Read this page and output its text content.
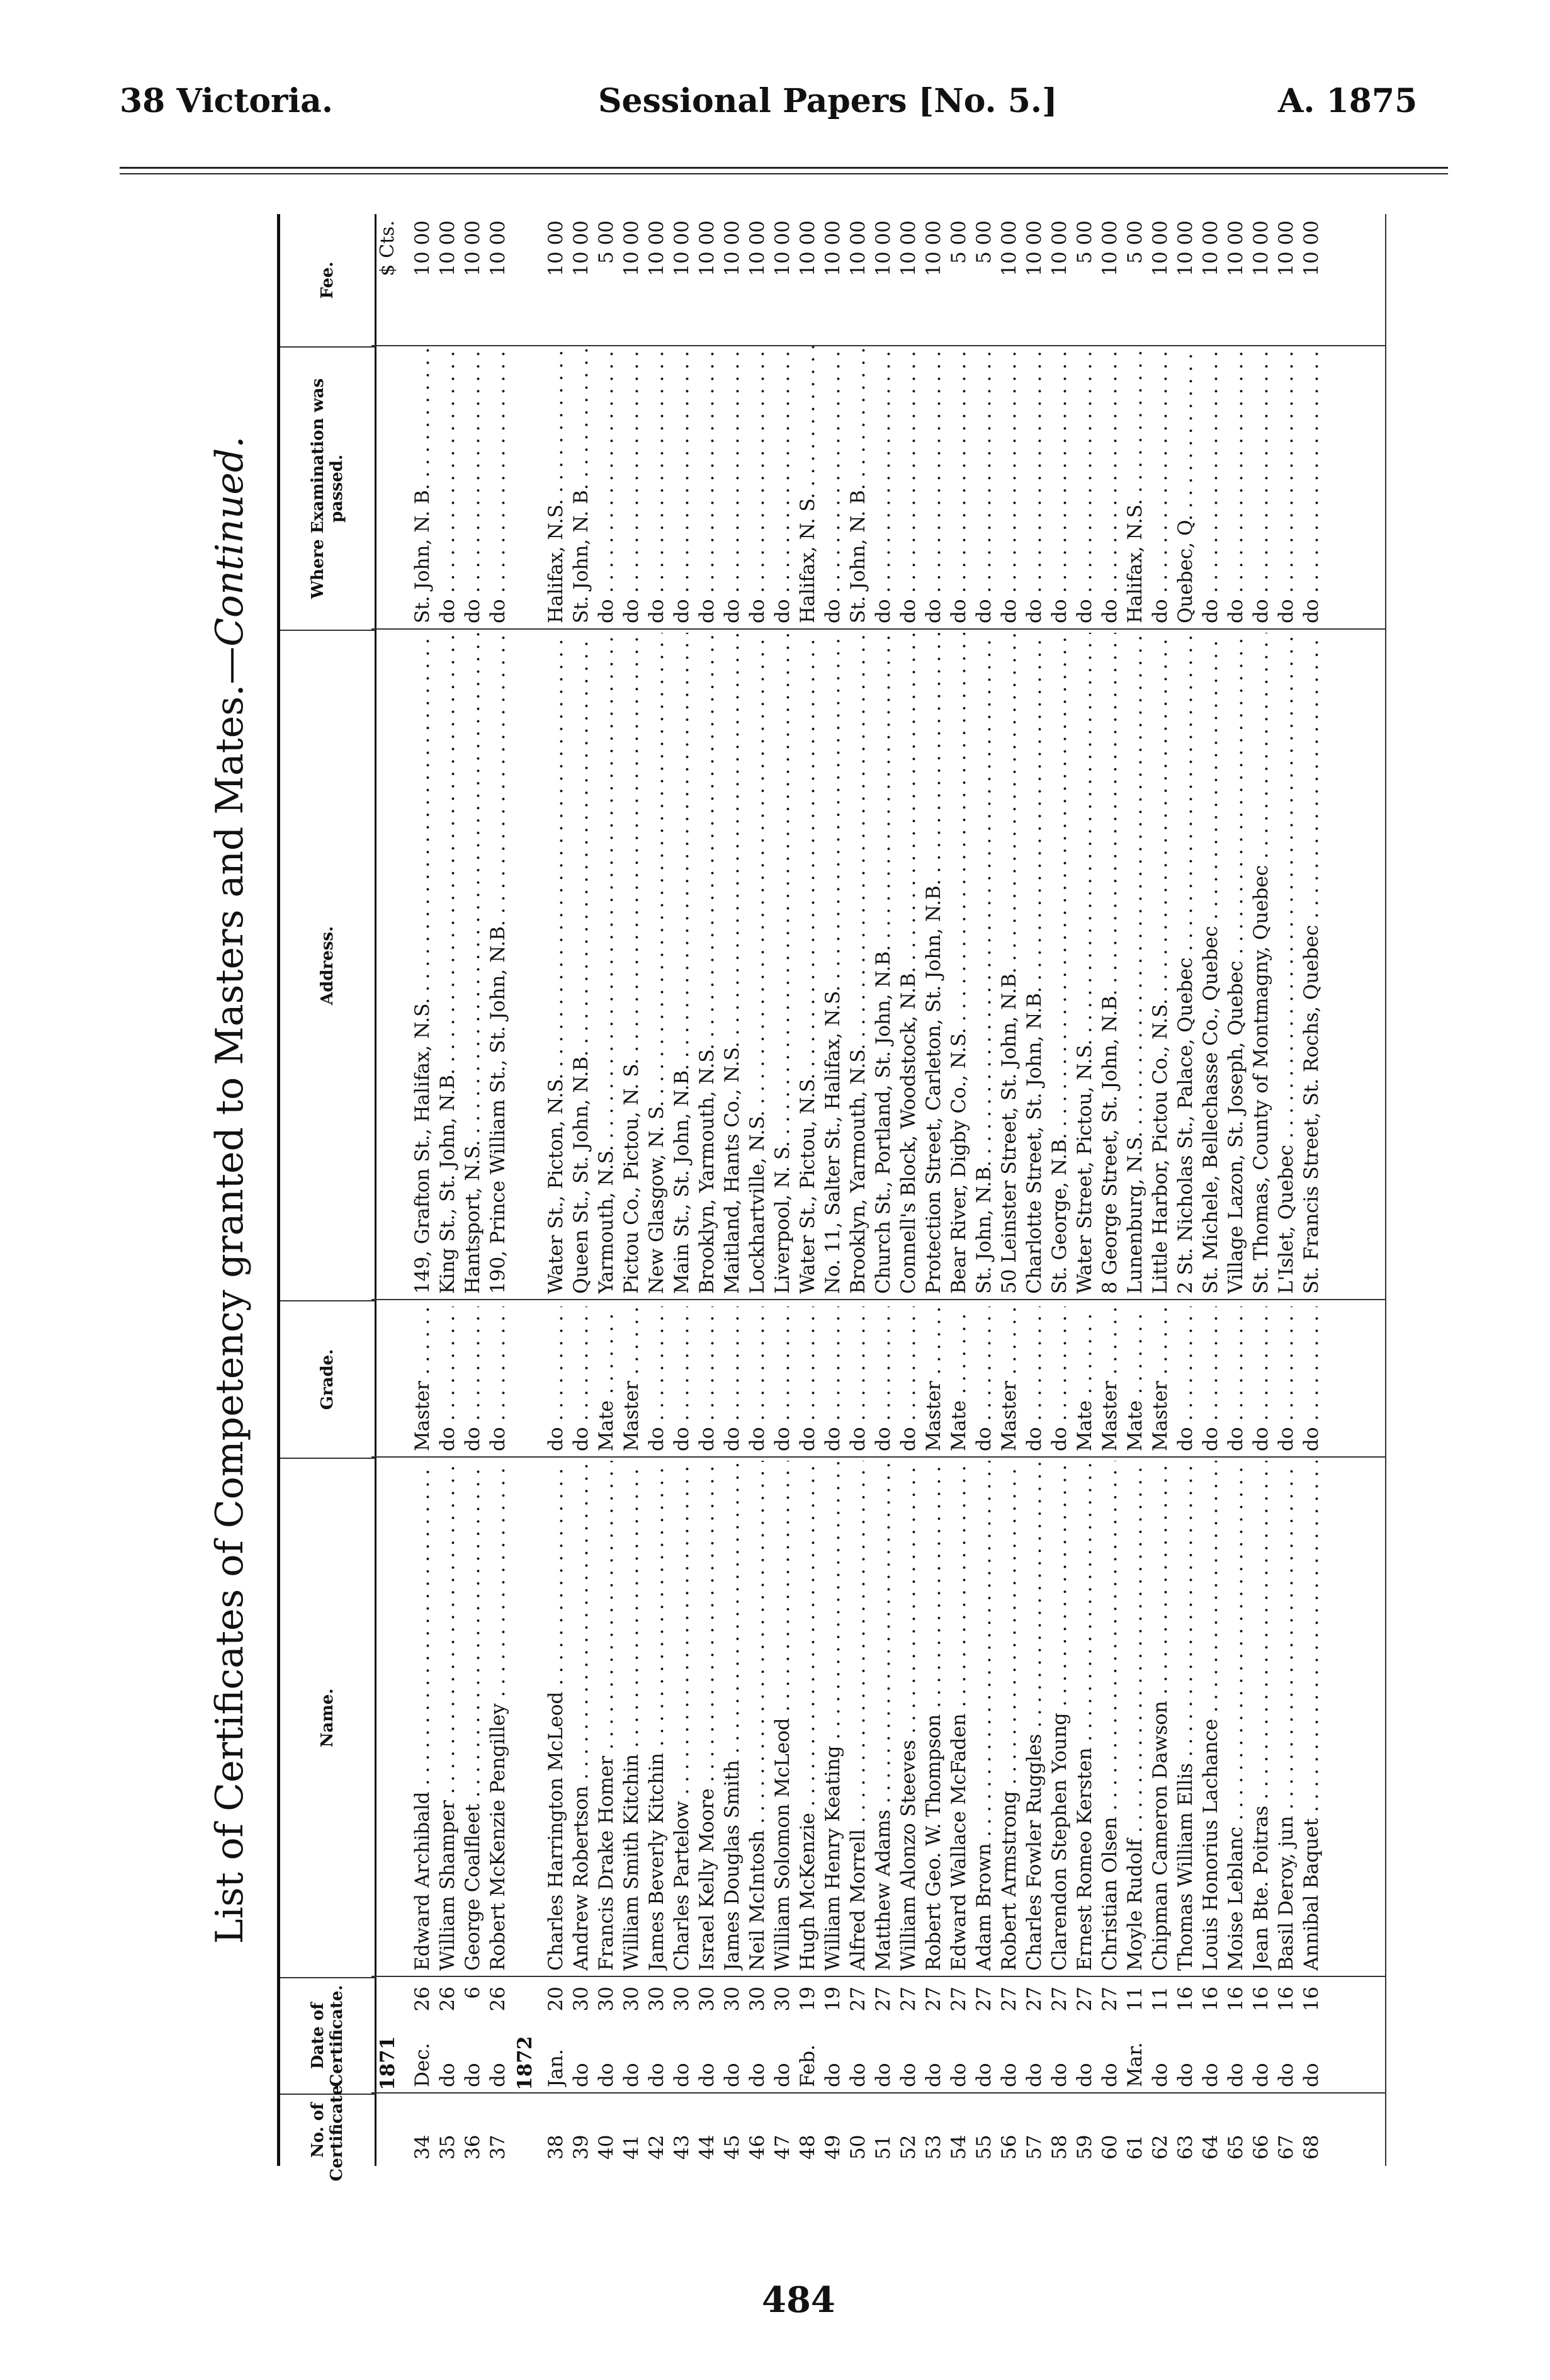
38 Victoria.	Sessional Papers [No. 5.]	A. 1875
List of Certificates of Competency granted to Masters and Mates.—Continued.
No. of Certificate.
Date of Certificate.
Name.
Grade.
Address.
Where Examination was passed.
Fee.
1871
$ Cts.
34
Dec.
26
Edward Archibald . . .
Master . . .
149, Grafton St., Halifax, N.S. . . .
St. John, N. B. . . .
10 00
35
do
26
William Shamper . . .
do . . .
King St., St. John, N.B. . . .
do . . .
10 00
36
do
6
George Coalfleet . . .
do . . .
Hantsport, N.S. . . .
do . . .
10 00
37
do
26
Robert McKenzie Pengilley . . .
do . . .
190, Prince William St., St. John, N.B. . . .
do . . .
10 00
1872
38
Jan.
20
Charles Harrington McLeod . . .
do . . .
Water St., Picton, N.S. . . .
Halifax, N.S. . . .
10 00
39
do
30
Andrew Robertson . . .
do . . .
Queen St., St. John, N.B. . . .
St. John, N. B. . . .
10 00
40
do
30
Francis Drake Homer . . .
Mate . . .
Yarmouth, N.S. . . .
do . . .
5 00
41
do
30
William Smith Kitchin . . .
Master . . .
Pictou Co., Pictou, N. S. . . .
do . . .
10 00
42
do
30
James Beverly Kitchin . . .
do . . .
New Glasgow, N. S. . . .
do . . .
10 00
43
do
30
Charles Partelow . . .
do . . .
Main St., St. John, N.B. . . .
do . . .
10 00
44
do
30
Israel Kelly Moore . . .
do . . .
Brooklyn, Yarmouth, N.S. . . .
do . . .
10 00
45
do
30
James Douglas Smith . . .
do . . .
Maitland, Hants Co., N.S. . . .
do . . .
10 00
46
do
30
Neil McIntosh . . .
do . . .
Lockhartville, N.S. . . .
do . . .
10 00
47
do
30
William Solomon McLeod . . .
do . . .
Liverpool, N. S. . . .
do . . .
10 00
48
Feb.
19
Hugh McKenzie . . .
do . . .
Water St., Pictou, N.S. . . .
Halifax, N. S. . . .
10 00
49
do
19
William Henry Keating . . .
do . . .
No. 11, Salter St., Halifax, N.S. . . .
do . . .
10 00
50
do
27
Alfred Morrell . . .
do . . .
Brooklyn, Yarmouth, N.S. . . .
St. John, N. B. . . .
10 00
51
do
27
Matthew Adams . . .
do . . .
Church St., Portland, St. John, N.B. . . .
do . . .
10 00
52
do
27
William Alonzo Steeves . . .
do . . .
Connell's Block, Woodstock, N.B. . . .
do . . .
10 00
53
do
27
Robert Geo. W. Thompson . . .
Master . . .
Protection Street, Carleton, St. John, N.B. . . .
do . . .
10 00
54
do
27
Edward Wallace McFaden . . .
Mate . . .
Bear River, Digby Co., N.S. . . .
do . . .
5 00
55
do
27
Adam Brown . . .
do . . .
St. John, N.B. . . .
do . . .
5 00
56
do
27
Robert Armstrong . . .
Master . . .
50 Leinster Street, St. John, N.B. . . .
do . . .
10 00
57
do
27
Charles Fowler Ruggles . . .
do . . .
Charlotte Street, St. John, N.B. . . .
do . . .
10 00
58
do
27
Clarendon Stephen Young . . .
do . . .
St. George, N.B. . . .
do . . .
10 00
59
do
27
Ernest Romeo Kersten . . .
Mate . . .
Water Street, Pictou, N.S. . . .
do . . .
5 00
60
do
27
Christian Olsen . . .
Master . . .
8 George Street, St. John, N.B. . . .
do . . .
10 00
61
Mar.
11
Moyle Rudolf . . .
Mate . . .
Lunenburg, N.S. . . .
Halifax, N.S. . . .
5 00
62
do
11
Chipman Cameron Dawson . . .
Master . . .
Little Harbor, Pictou Co., N.S. . . .
do . . .
10 00
63
do
16
Thomas William Ellis . . .
do . . .
2 St. Nicholas St., Palace, Quebec . . .
Quebec, Q. . . .
10 00
64
do
16
Louis Honorius Lachance . . .
do . . .
St. Michele, Bellechasse Co., Quebec . . .
do . . .
10 00
65
do
16
Moise Leblanc . . .
do . . .
Village Lazon, St. Joseph, Quebec . . .
do . . .
10 00
66
do
16
Jean Bte. Poitras . . .
do . . .
St. Thomas, County of Montmagny, Quebec . . .
do . . .
10 00
67
do
16
Basil Deroy, jun . . .
do . . .
L'Islet, Quebec . . .
do . . .
10 00
68
do
16
Annibal Baquet . . .
do . . .
St. Francis Street, St. Rochs, Quebec . . .
do . . .
10 00
484
